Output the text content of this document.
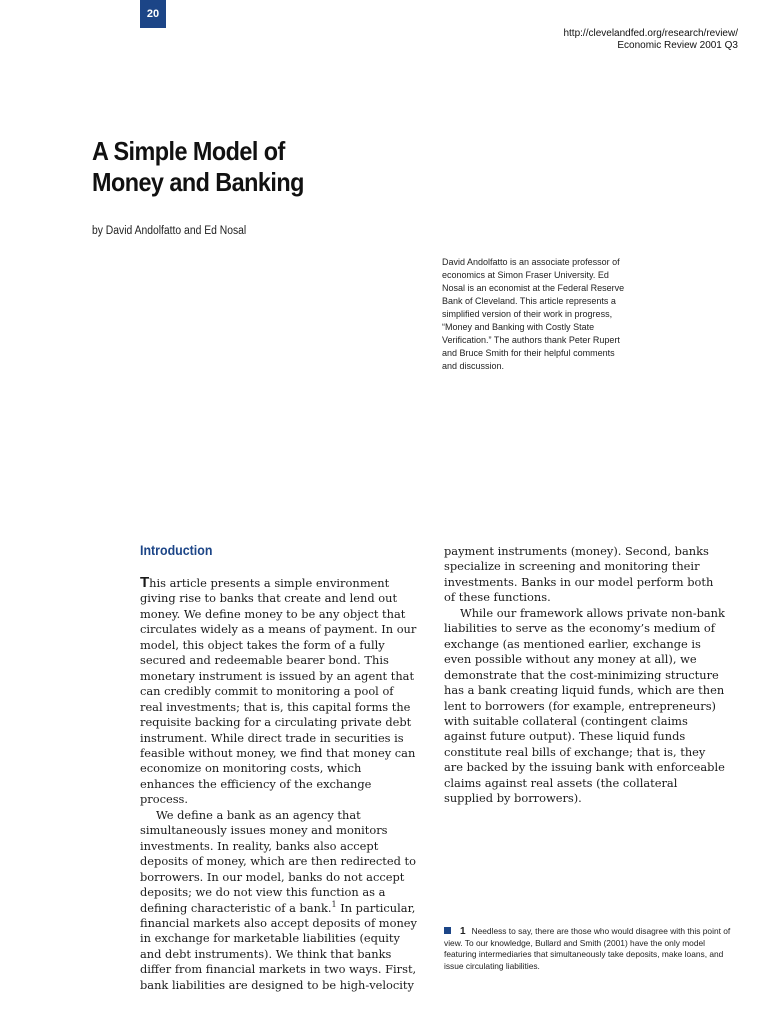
20
http://clevelandfed.org/research/review/
Economic Review 2001 Q3
A Simple Model of
Money and Banking
by David Andolfatto and Ed Nosal
David Andolfatto is an associate professor of economics at Simon Fraser University. Ed Nosal is an economist at the Federal Reserve Bank of Cleveland. This article represents a simplified version of their work in progress, “Money and Banking with Costly State Verification.” The authors thank Peter Rupert and Bruce Smith for their helpful comments and discussion.
Introduction

This article presents a simple environment giving rise to banks that create and lend out money. We define money to be any object that circulates widely as a means of payment. In our model, this object takes the form of a fully secured and redeemable bearer bond. This monetary instrument is issued by an agent that can credibly commit to monitoring a pool of real investments; that is, this capital forms the requisite backing for a circulating private debt instrument. While direct trade in securities is feasible without money, we find that money can economize on monitoring costs, which enhances the efficiency of the exchange process.

We define a bank as an agency that simultaneously issues money and monitors investments. In reality, banks also accept deposits of money, which are then redirected to borrowers. In our model, banks do not accept deposits; we do not view this function as a defining characteristic of a bank.$^1$ In particular, financial markets also accept deposits of money in exchange for marketable liabilities (equity and debt instruments). We think that banks differ from financial markets in two ways. First, bank liabilities are designed to be high-velocity

payment instruments (money). Second, banks specialize in screening and monitoring their investments. Banks in our model perform both of these functions.

While our framework allows private non-bank liabilities to serve as the economy’s medium of exchange (as mentioned earlier, exchange is even possible without any money at all), we demonstrate that the cost-minimizing structure has a bank creating liquid funds, which are then lent to borrowers (for example, entrepreneurs) with suitable collateral (contingent claims against future output). These liquid funds constitute real bills of exchange; that is, they are backed by the issuing bank with enforceable claims against real assets (the collateral supplied by borrowers).

1 Needless to say, there are those who would disagree with this point of view. To our knowledge, Bullard and Smith (2001) have the only model featuring intermediaries that simultaneously take deposits, make loans, and issue circulating liabilities.
